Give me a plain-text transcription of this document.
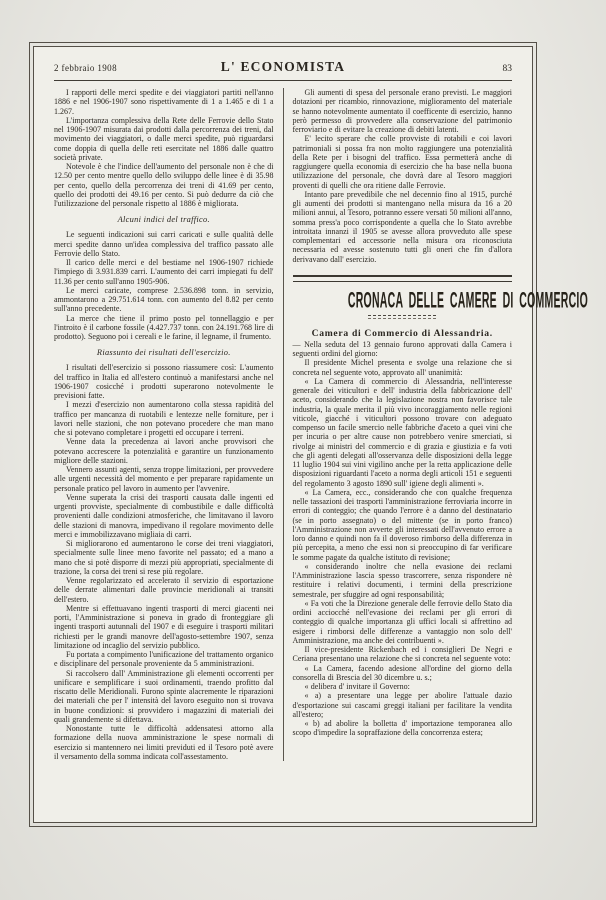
2 febbraio 1908	L' ECONOMISTA	83

I rapporti delle merci spedite e dei viaggiatori partiti nell'anno 1886 e nel 1906-1907 sono rispettivamente di 1 a 1.465 e di 1 a 1.267.

L'importanza complessiva della Rete delle Ferrovie dello Stato nel 1906-1907 misurata dai prodotti dalla percorrenza dei treni, dal movimento dei viaggiatori, o dalle merci spedite, può riguardarsi come doppia di quella delle reti esercitate nel 1886 dalle quattro società private.

Notevole è che l'indice dell'aumento del personale non è che di 12.50 per cento mentre quello dello sviluppo delle linee è di 35.98 per cento, quello della percorrenza dei treni di 41.69 per cento, quello dei prodotti dei 49.16 per cento. Si può dedurre da ciò che l'utilizzazione del personale rispetto al 1886 è migliorata.

Alcuni indici del traffico.

Le seguenti indicazioni sui carri caricati e sulle qualità delle merci spedite danno un'idea complessiva del traffico passato alle Ferrovie dello Stato.

Il carico delle merci e del bestiame nel 1906-1907 richiede l'impiego di 3.931.839 carri. L'aumento dei carri impiegati fu dell' 11.36 per cento sull'anno 1905-906.

Le merci caricate, comprese 2.536.898 tonn. in servizio, ammontarono a 29.751.614 tonn. con aumento del 8.82 per cento sull'anno precedente.

La merce che tiene il primo posto pel tonnellaggio e per l'introito è il carbone fossile (4.427.737 tonn. con 24.191.768 lire di prodotto). Seguono poi i cereali e le farine, il legname, il frumento.

Riassunto dei risultati dell'esercizio.

I risultati dell'esercizio si possono riassumere così: L'aumento del traffico in Italia ed all'estero continuò a manifestarsi anche nel 1906-1907 cosicché i prodotti superarono notevolmente le previsioni fatte.

I mezzi d'esercizio non aumentarono colla stessa rapidità del traffico per mancanza di ruotabili e lentezze nelle forniture, per i lavori nelle stazioni, che non potevano procedere che man mano che si potevano completare i progetti ed occupare i terreni.

Venne data la precedenza ai lavori anche provvisori che potevano accrescere la potenzialità e garantire un funzionamento migliore delle stazioni.

Vennero assunti agenti, senza troppe limitazioni, per provvedere alle urgenti necessità del momento e per preparare rapidamente un personale pratico pel lavoro in aumento per l'avvenire.

Venne superata la crisi dei trasporti causata dalle ingenti ed urgenti provviste, specialmente di combustibile e dalle difficoltà provenienti dalle condizioni atmosferiche, che limitavano il lavoro delle stazioni di manovra, impedivano il regolare movimento delle merci e immobilizzavano migliaia di carri.

Si migliorarono ed aumentarono le corse dei treni viaggiatori, specialmente sulle linee meno favorite nel passato; ed a mano a mano che si potè disporre di mezzi più appropriati, specialmente di trazione, la corsa dei treni si rese più regolare.

Venne regolarizzato ed accelerato il servizio di esportazione delle derrate alimentari dalle provincie meridionali ai transiti dell'estero.

Mentre si effettuavano ingenti trasporti di merci giacenti nei porti, l'Amministrazione si poneva in grado di fronteggiare gli ingenti trasporti autunnali del 1907 e di eseguire i trasporti militari richiesti per le grandi manovre dell'agosto-settembre 1907, senza limitazione od incaglio del servizio pubblico.

Fu portata a compimento l'unificazione del trattamento organico e disciplinare del personale proveniente da 5 amministrazioni.

Si raccolsero dall' Amministrazione gli elementi occorrenti per unificare e semplificare i suoi ordinamenti, traendo profitto dal riscatto delle Meridionali. Furono spinte alacremente le riparazioni dei materiali che per l' intensità del lavoro eseguito non si trovava in buone condizioni: si provvidero i magazzini di materiali dei quali grandemente si difettava.

Nonostante tutte le difficoltà addensatesi attorno alla formazione della nuova amministrazione le spese normali di esercizio si mantennero nei limiti previduti ed il Tesoro potè avere il versamento della somma indicata coll'assestamento.

Gli aumenti di spesa del personale erano previsti. Le maggiori dotazioni per ricambio, rinnovazione, miglioramento del materiale se hanno notevolmente aumentato il coefficente di esercizio, hanno però permesso di provvedere alla conservazione del patrimonio ferroviario e di evitare la creazione di debiti latenti.

E' lecito sperare che colle provviste di rotabili e coi lavori patrimoniali si possa fra non molto raggiungere una potenzialità della Rete per i bisogni del traffico. Essa permetterà anche di raggiungere quella economia di esercizio che ha base nella buona utilizzazione del personale, che dovrà dare al Tesoro maggiori proventi di quelli che ora ritiene dalle Ferrovie.

Intanto pare prevedibile che nel decennio fino al 1915, purché gli aumenti dei prodotti si mantengano nella misura da 16 a 20 milioni annui, al Tesoro, potranno essere versati 50 milioni all'anno, somma press'a poco corrispondente a quella che lo Stato avrebbe introitata innanzi il 1905 se avesse allora provveduto alle spese complementari ed accessorie nella misura ora riconosciuta necessaria ed avesse sostenuto tutti gli oneri che fin d'allora derivavano dall' esercizio.

CRONACA DELLE CAMERE DI COMMERCIO
Camera di Commercio di Alessandria.

— Nella seduta del 13 gennaio furono approvati dalla Camera i seguenti ordini del giorno:

Il presidente Michel presenta e svolge una relazione che si concreta nel seguente voto, approvato all' unanimità:

« La Camera di commercio di Alessandria, nell'interesse generale dei viticultori e dell' industria della fabbricazione dell' aceto, considerando che la legislazione nostra non favorisce tale industria, la quale merita il più vivo incoraggiamento nelle regioni viticole, giacché i viticultori possono trovare con adeguato compenso un facile smercio nelle fabbriche d'aceto a quei vini che per incuria o per altre cause non potrebbero venire smerciati, si rivolge ai ministri del commercio e di grazia e giustizia e fa voti che gli agenti delegati all'osservanza delle disposizioni della legge 11 luglio 1904 sui vini vigilino anche per la retta applicazione delle disposizioni riguardanti l'aceto a norma degli articoli 151 e seguenti del regolamento 3 agosto 1890 sull' igiene degli alimenti ».

« La Camera, ecc., considerando che con qualche frequenza nelle tassazioni dei trasporti l'amministrazione ferroviaria incorre in errori di conteggio; che quando l'errore è a danno del destinatario (se in porto assegnato) o del mittente (se in porto franco) l'Amministrazione non avverte gli interessati dell'avvenuto errore a loro danno e quindi non fa il doveroso rimborso della differenza in più percepita, a meno che essi non si preoccupino di far verificare le somme pagate da qualche istituto di revisione;

« considerando inoltre che nella evasione dei reclami l'Amministrazione lascia spesso trascorrere, senza rispondere nè restituire i relativi documenti, i termini della prescrizione semestrale, per sfuggire ad ogni responsabilità;

« Fa voti che la Direzione generale delle ferrovie dello Stato dia ordini acciocché nell'evasione dei reclami per gli errori di conteggio di qualche importanza gli uffici locali si affrettino ad esigere i rimborsi delle differenze a vantaggio non solo dell' Amministrazione, ma anche dei contribuenti ».

Il vice-presidente Rickenbach ed i consiglieri De Negri e Ceriana presentano una relazione che si concreta nel seguente voto:

« La Camera, facendo adesione all'ordine del giorno della consorella di Brescia del 30 dicembre u. s.;

« delibera d' invitare il Governo:

« a) a presentare una legge per abolire l'attuale dazio d'esportazione sui cascami greggi italiani per facilitare la vendita all'estero;

« b) ad abolire la bolletta d' importazione temporanea allo scopo d'impedire la sopraffazione della concorrenza estera;
